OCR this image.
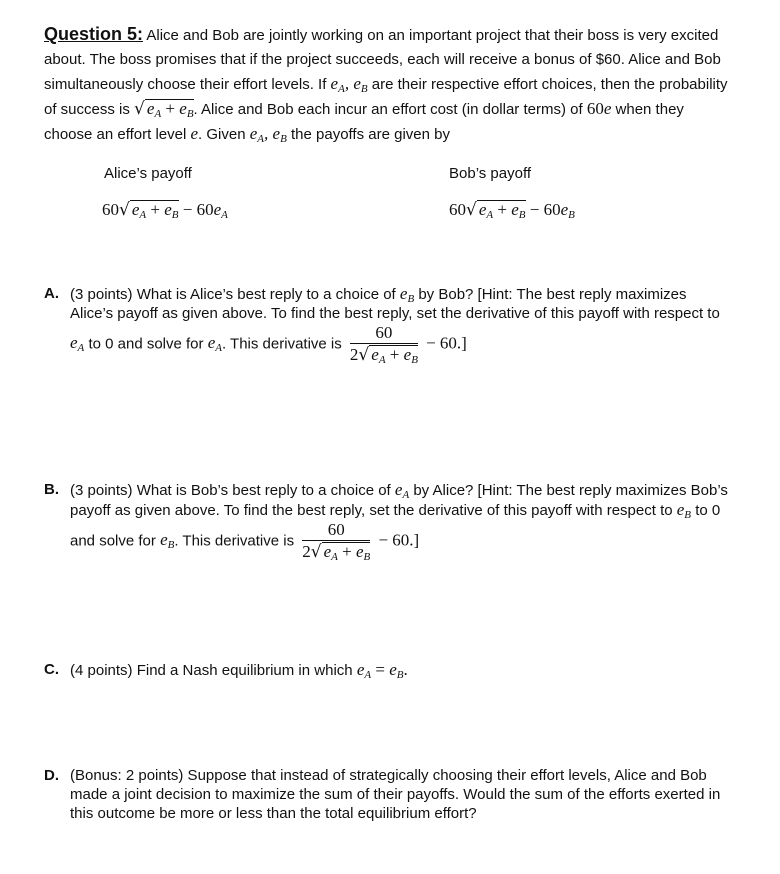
Question 5: Alice and Bob are jointly working on an important project that their boss is very excited about. The boss promises that if the project succeeds, each will receive a bonus of $60. Alice and Bob simultaneously choose their effort levels. If $e_A$, $e_B$ are their respective effort choices, then the probability of success is √ $e_A + e_B$. Alice and Bob each incur an effort cost (in dollar terms) of 60e when they choose an effort level e. Given $e_A$, $e_B$ the payoffs are given by
Alice’s payoff	Bob’s payoff
60√ $e_A + e_B - 60e_A$	60√ $e_A + e_B - 60e_B$
A. (3 points) What is Alice’s best reply to a choice of $e_B$ by Bob? [Hint: The best reply maximizes Alice’s payoff as given above. To find the best reply, set the derivative of this payoff with respect to $e_A$ to 0 and solve for $e_A$. This derivative is $\frac{60}{2√ e_A + e_B} - 60$.]
B. (3 points) What is Bob’s best reply to a choice of $e_A$ by Alice? [Hint: The best reply maximizes Bob’s payoff as given above. To find the best reply, set the derivative of this payoff with respect to $e_B$ to 0 and solve for $e_B$. This derivative is $\frac{60}{2√ e_A + e_B} - 60$.]
C. (4 points) Find a Nash equilibrium in which $e_A = e_B$.
D. (Bonus: 2 points) Suppose that instead of strategically choosing their effort levels, Alice and Bob made a joint decision to maximize the sum of their payoffs. Would the sum of the efforts exerted in this outcome be more or less than the total equilibrium effort?
